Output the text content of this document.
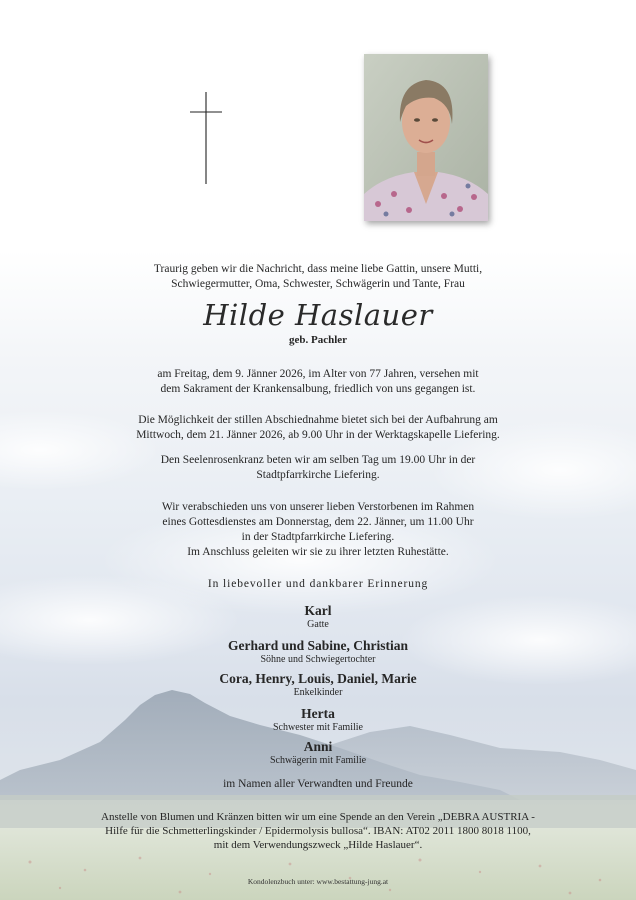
Traurig geben wir die Nachricht, dass meine liebe Gattin, unsere Mutti,
Schwiegermutter, Oma, Schwester, Schwägerin und Tante, Frau
Hilde Haslauer
geb. Pachler
am Freitag, dem 9. Jänner 2026, im Alter von 77 Jahren, versehen mit
dem Sakrament der Krankensalbung, friedlich von uns gegangen ist.
Die Möglichkeit der stillen Abschiednahme bietet sich bei der Aufbahrung am
Mittwoch, dem 21. Jänner 2026, ab 9.00 Uhr in der Werktagskapelle Liefering.
Den Seelenrosenkranz beten wir am selben Tag um 19.00 Uhr in der
Stadtpfarrkirche Liefering.
Wir verabschieden uns von unserer lieben Verstorbenen im Rahmen
eines Gottesdienstes am Donnerstag, dem 22. Jänner, um 11.00 Uhr
in der Stadtpfarrkirche Liefering.
Im Anschluss geleiten wir sie zu ihrer letzten Ruhestätte.
In liebevoller und dankbarer Erinnerung
Karl
Gatte
Gerhard und Sabine, Christian
Söhne und Schwiegertochter
Cora, Henry, Louis, Daniel, Marie
Enkelkinder
Herta
Schwester mit Familie
Anni
Schwägerin mit Familie
im Namen aller Verwandten und Freunde
Anstelle von Blumen und Kränzen bitten wir um eine Spende an den Verein „DEBRA AUSTRIA -
Hilfe für die Schmetterlingskinder / Epidermolysis bullosa“. IBAN: AT02 2011 1800 8018 1100,
mit dem Verwendungszweck „Hilde Haslauer“.
Kondolenzbuch unter: www.bestattung-jung.at
